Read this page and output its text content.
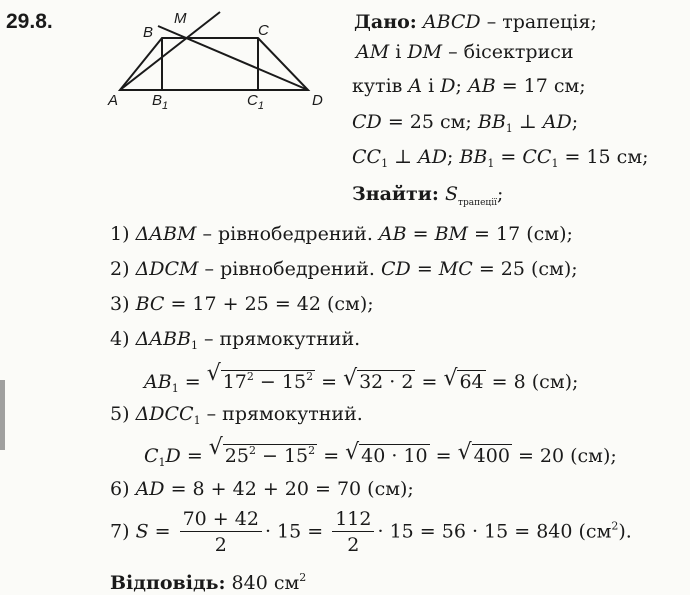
29.8.
A
B
M
C
D
$B_1$	$C_1$
Дано: ABCD – трапеція;
AM і DM – бісектриси
кутів A і D; AB = 17 см;
CD = 25 см; $BB_1$ ⊥ AD;
$CC_1$ ⊥ AD; $BB_1 = CC_1 = 15$ см;
Знайти: $S_{трапеції}$;
1) ΔABM – рівнобедрений. AB = BM = 17 (см);
2) ΔDCM – рівнобедрений. CD = MC = 25 (см);
3) BC = 17 + 25 = 42 (см);
4) $\Delta ABB_1$ – прямокутний.
$AB_1$ = √ $17^2 - 15^2$ = √ 32 · 2 = √ 64 = 8 (см);
5) $\Delta DCC_1$ – прямокутний.
$C_1D$ = √ $25^2 - 15^2$ = √ 40 · 10 = √ 400 = 20 (см);
6) AD = 8 + 42 + 20 = 70 (см);
7) $S = \frac{70 + 42}{2} \cdot 15 = \frac{112}{2} \cdot 15 = 56 \cdot 15 = 840$ $(см^2)$.
Відповідь: 840 $см^2$
